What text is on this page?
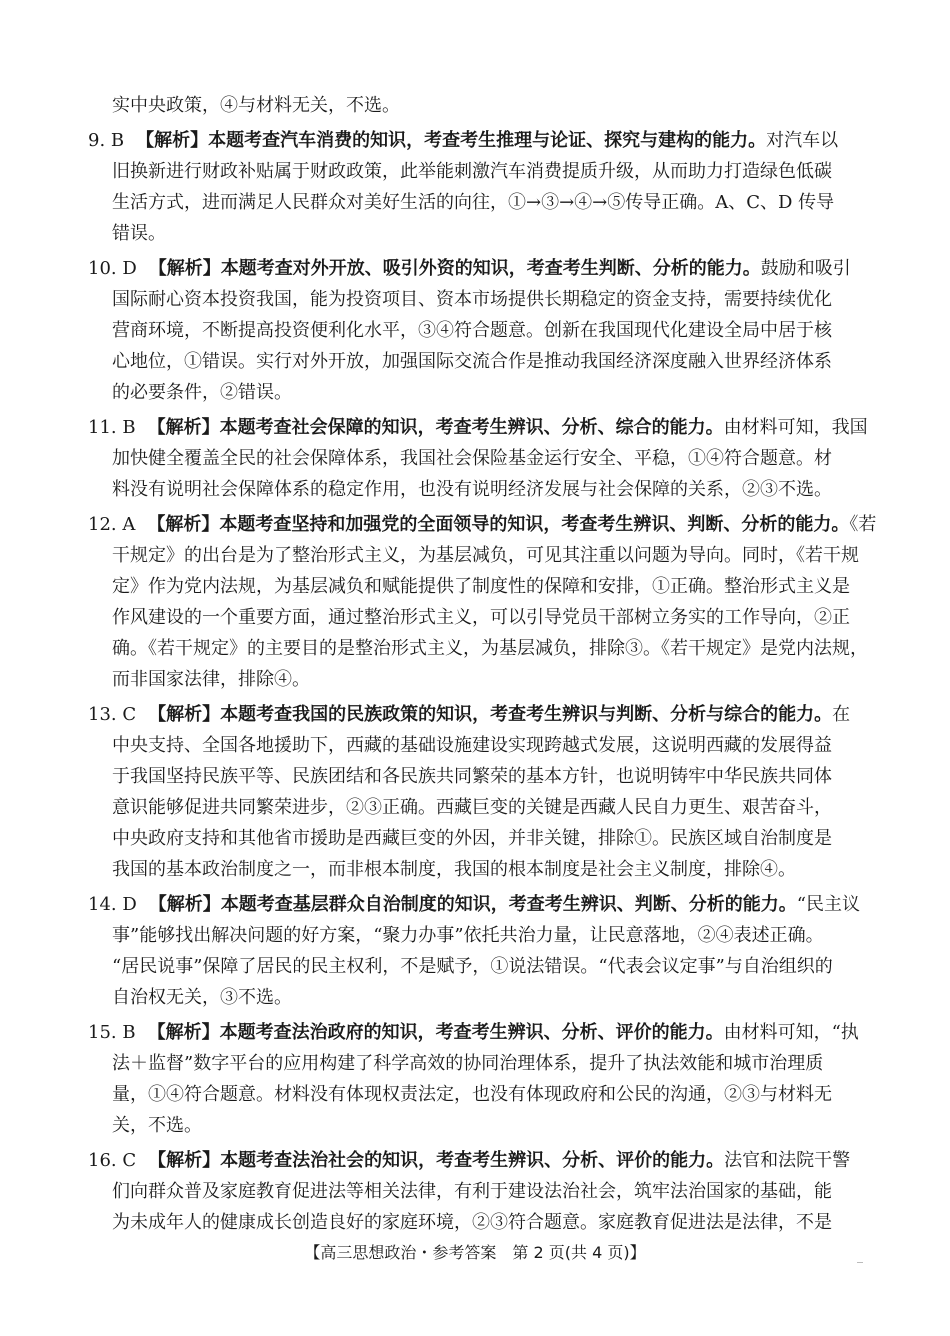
实中央政策，④与材料无关，不选。
9. B 【解析】本题考查汽车消费的知识，考查考生推理与论证、探究与建构的能力。对汽车以
旧换新进行财政补贴属于财政政策，此举能刺激汽车消费提质升级，从而助力打造绿色低碳
生活方式，进而满足人民群众对美好生活的向往，①→③→④→⑤传导正确。A、C、D 传导
错误。
10. D 【解析】本题考查对外开放、吸引外资的知识，考查考生判断、分析的能力。鼓励和吸引
国际耐心资本投资我国，能为投资项目、资本市场提供长期稳定的资金支持，需要持续优化
营商环境，不断提高投资便利化水平，③④符合题意。创新在我国现代化建设全局中居于核
心地位，①错误。实行对外开放，加强国际交流合作是推动我国经济深度融入世界经济体系
的必要条件，②错误。
11. B 【解析】本题考查社会保障的知识，考查考生辨识、分析、综合的能力。由材料可知，我国
加快健全覆盖全民的社会保障体系，我国社会保险基金运行安全、平稳，①④符合题意。材
料没有说明社会保障体系的稳定作用，也没有说明经济发展与社会保障的关系，②③不选。
12. A 【解析】本题考查坚持和加强党的全面领导的知识，考查考生辨识、判断、分析的能力。《若
干规定》的出台是为了整治形式主义，为基层减负，可见其注重以问题为导向。同时，《若干规
定》作为党内法规，为基层减负和赋能提供了制度性的保障和安排，①正确。整治形式主义是
作风建设的一个重要方面，通过整治形式主义，可以引导党员干部树立务实的工作导向，②正
确。《若干规定》的主要目的是整治形式主义，为基层减负，排除③。《若干规定》是党内法规，
而非国家法律，排除④。
13. C 【解析】本题考查我国的民族政策的知识，考查考生辨识与判断、分析与综合的能力。在
中央支持、全国各地援助下，西藏的基础设施建设实现跨越式发展，这说明西藏的发展得益
于我国坚持民族平等、民族团结和各民族共同繁荣的基本方针，也说明铸牢中华民族共同体
意识能够促进共同繁荣进步，②③正确。西藏巨变的关键是西藏人民自力更生、艰苦奋斗，
中央政府支持和其他省市援助是西藏巨变的外因，并非关键，排除①。民族区域自治制度是
我国的基本政治制度之一，而非根本制度，我国的根本制度是社会主义制度，排除④。
14. D 【解析】本题考查基层群众自治制度的知识，考查考生辨识、判断、分析的能力。“民主议
事”能够找出解决问题的好方案，“聚力办事”依托共治力量，让民意落地，②④表述正确。
“居民说事”保障了居民的民主权利，不是赋予，①说法错误。“代表会议定事”与自治组织的
自治权无关，③不选。
15. B 【解析】本题考查法治政府的知识，考查考生辨识、分析、评价的能力。由材料可知，“执
法＋监督”数字平台的应用构建了科学高效的协同治理体系，提升了执法效能和城市治理质
量，①④符合题意。材料没有体现权责法定，也没有体现政府和公民的沟通，②③与材料无
关，不选。
16. C 【解析】本题考查法治社会的知识，考查考生辨识、分析、评价的能力。法官和法院干警
们向群众普及家庭教育促进法等相关法律，有利于建设法治社会，筑牢法治国家的基础，能
为未成年人的健康成长创造良好的家庭环境，②③符合题意。家庭教育促进法是法律，不是
【高三思想政治・参考答案　第 2 页(共 4 页)】
